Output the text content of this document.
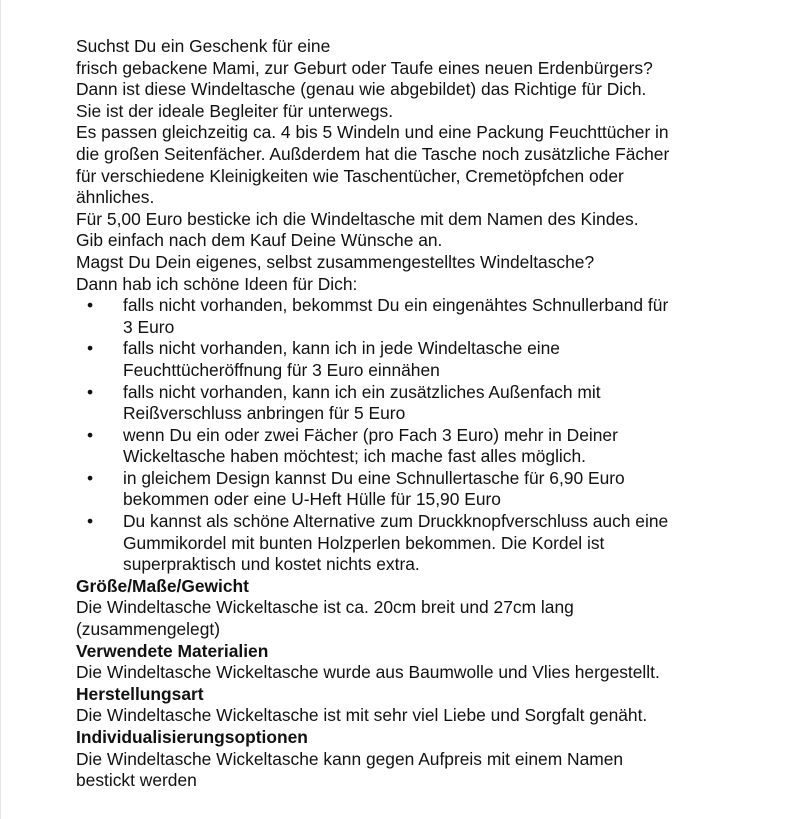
Suchst Du ein Geschenk für eine
frisch gebackene Mami, zur Geburt oder Taufe eines neuen Erdenbürgers?
Dann ist diese Windeltasche (genau wie abgebildet) das Richtige für Dich.
Sie ist der ideale Begleiter für unterwegs.
Es passen gleichzeitig ca. 4 bis 5 Windeln und eine Packung Feuchttücher in
die großen Seitenfächer. Außderdem hat die Tasche noch zusätzliche Fächer
für verschiedene Kleinigkeiten wie Taschentücher, Cremetöpfchen oder
ähnliches.
Für 5,00 Euro besticke ich die Windeltasche mit dem Namen des Kindes.
Gib einfach nach dem Kauf Deine Wünsche an.
Magst Du Dein eigenes, selbst zusammengestelltes Windeltasche?
Dann hab ich schöne Ideen für Dich:
•	falls nicht vorhanden, bekommst Du ein eingenähtes Schnullerband für
3 Euro
•	falls nicht vorhanden, kann ich in jede Windeltasche eine
Feuchttücheröffnung für 3 Euro einnähen
•	falls nicht vorhanden, kann ich ein zusätzliches Außenfach mit
Reißverschluss anbringen für 5 Euro
•	wenn Du ein oder zwei Fächer (pro Fach 3 Euro) mehr in Deiner
Wickeltasche haben möchtest; ich mache fast alles möglich.
•	in gleichem Design kannst Du eine Schnullertasche für 6,90 Euro
bekommen oder eine U-Heft Hülle für 15,90 Euro
•	Du kannst als schöne Alternative zum Druckknopfverschluss auch eine
Gummikordel mit bunten Holzperlen bekommen. Die Kordel ist
superpraktisch und kostet nichts extra.
Größe/Maße/Gewicht
Die Windeltasche Wickeltasche ist ca. 20cm breit und 27cm lang
(zusammengelegt)
Verwendete Materialien
Die Windeltasche Wickeltasche wurde aus Baumwolle und Vlies hergestellt.
Herstellungsart
Die Windeltasche Wickeltasche ist mit sehr viel Liebe und Sorgfalt genäht.
Individualisierungsoptionen
Die Windeltasche Wickeltasche kann gegen Aufpreis mit einem Namen
bestickt werden
